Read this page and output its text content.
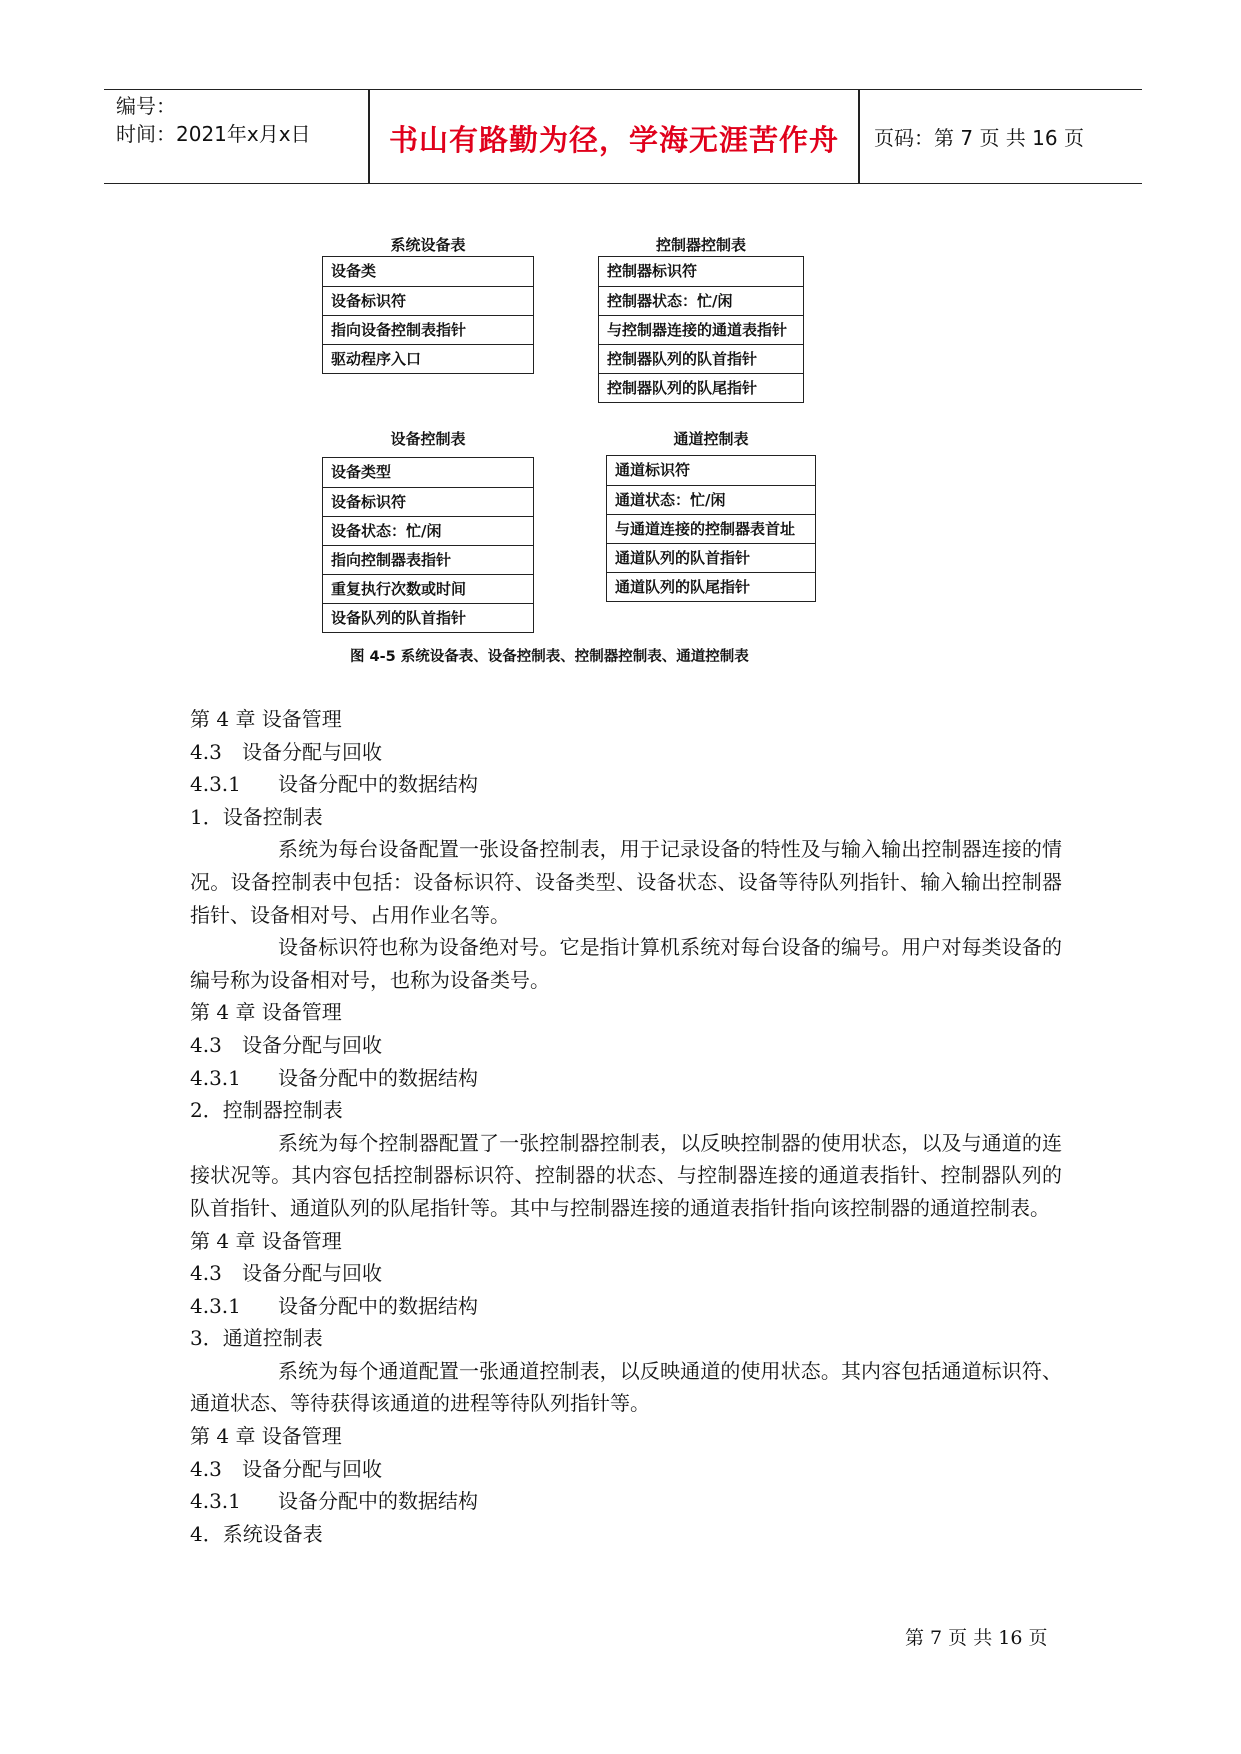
编号：
时间：2021年x月x日	书山有路勤为径，学海无涯苦作舟	页码：第 7 页 共 16 页
系统设备表
设备类
设备标识符
指向设备控制表指针
驱动程序入口
控制器控制表
控制器标识符
控制器状态：忙/闲
与控制器连接的通道表指针
控制器队列的队首指针
控制器队列的队尾指针
设备控制表
设备类型
设备标识符
设备状态：忙/闲
指向控制器表指针
重复执行次数或时间
设备队列的队首指针
通道控制表
通道标识符
通道状态：忙/闲
与通道连接的控制器表首址
通道队列的队首指针
通道队列的队尾指针
图 4-5 系统设备表、设备控制表、控制器控制表、通道控制表
第 4 章 设备管理
4.3 设备分配与回收
4.3.1 设备分配中的数据结构
1．设备控制表
系统为每台设备配置一张设备控制表，用于记录设备的特性及与输入输出控制器连接的情况。设备控制表中包括：设备标识符、设备类型、设备状态、设备等待队列指针、输入输出控制器指针、设备相对号、占用作业名等。
设备标识符也称为设备绝对号。它是指计算机系统对每台设备的编号。用户对每类设备的编号称为设备相对号，也称为设备类号。
第 4 章 设备管理
4.3 设备分配与回收
4.3.1 设备分配中的数据结构
2．控制器控制表
系统为每个控制器配置了一张控制器控制表，以反映控制器的使用状态，以及与通道的连接状况等。其内容包括控制器标识符、控制器的状态、与控制器连接的通道表指针、控制器队列的队首指针、通道队列的队尾指针等。其中与控制器连接的通道表指针指向该控制器的通道控制表。
第 4 章 设备管理
4.3 设备分配与回收
4.3.1 设备分配中的数据结构
3．通道控制表
系统为每个通道配置一张通道控制表，以反映通道的使用状态。其内容包括通道标识符、通道状态、等待获得该通道的进程等待队列指针等。
第 4 章 设备管理
4.3 设备分配与回收
4.3.1 设备分配中的数据结构
4．系统设备表
第 7 页 共 16 页
